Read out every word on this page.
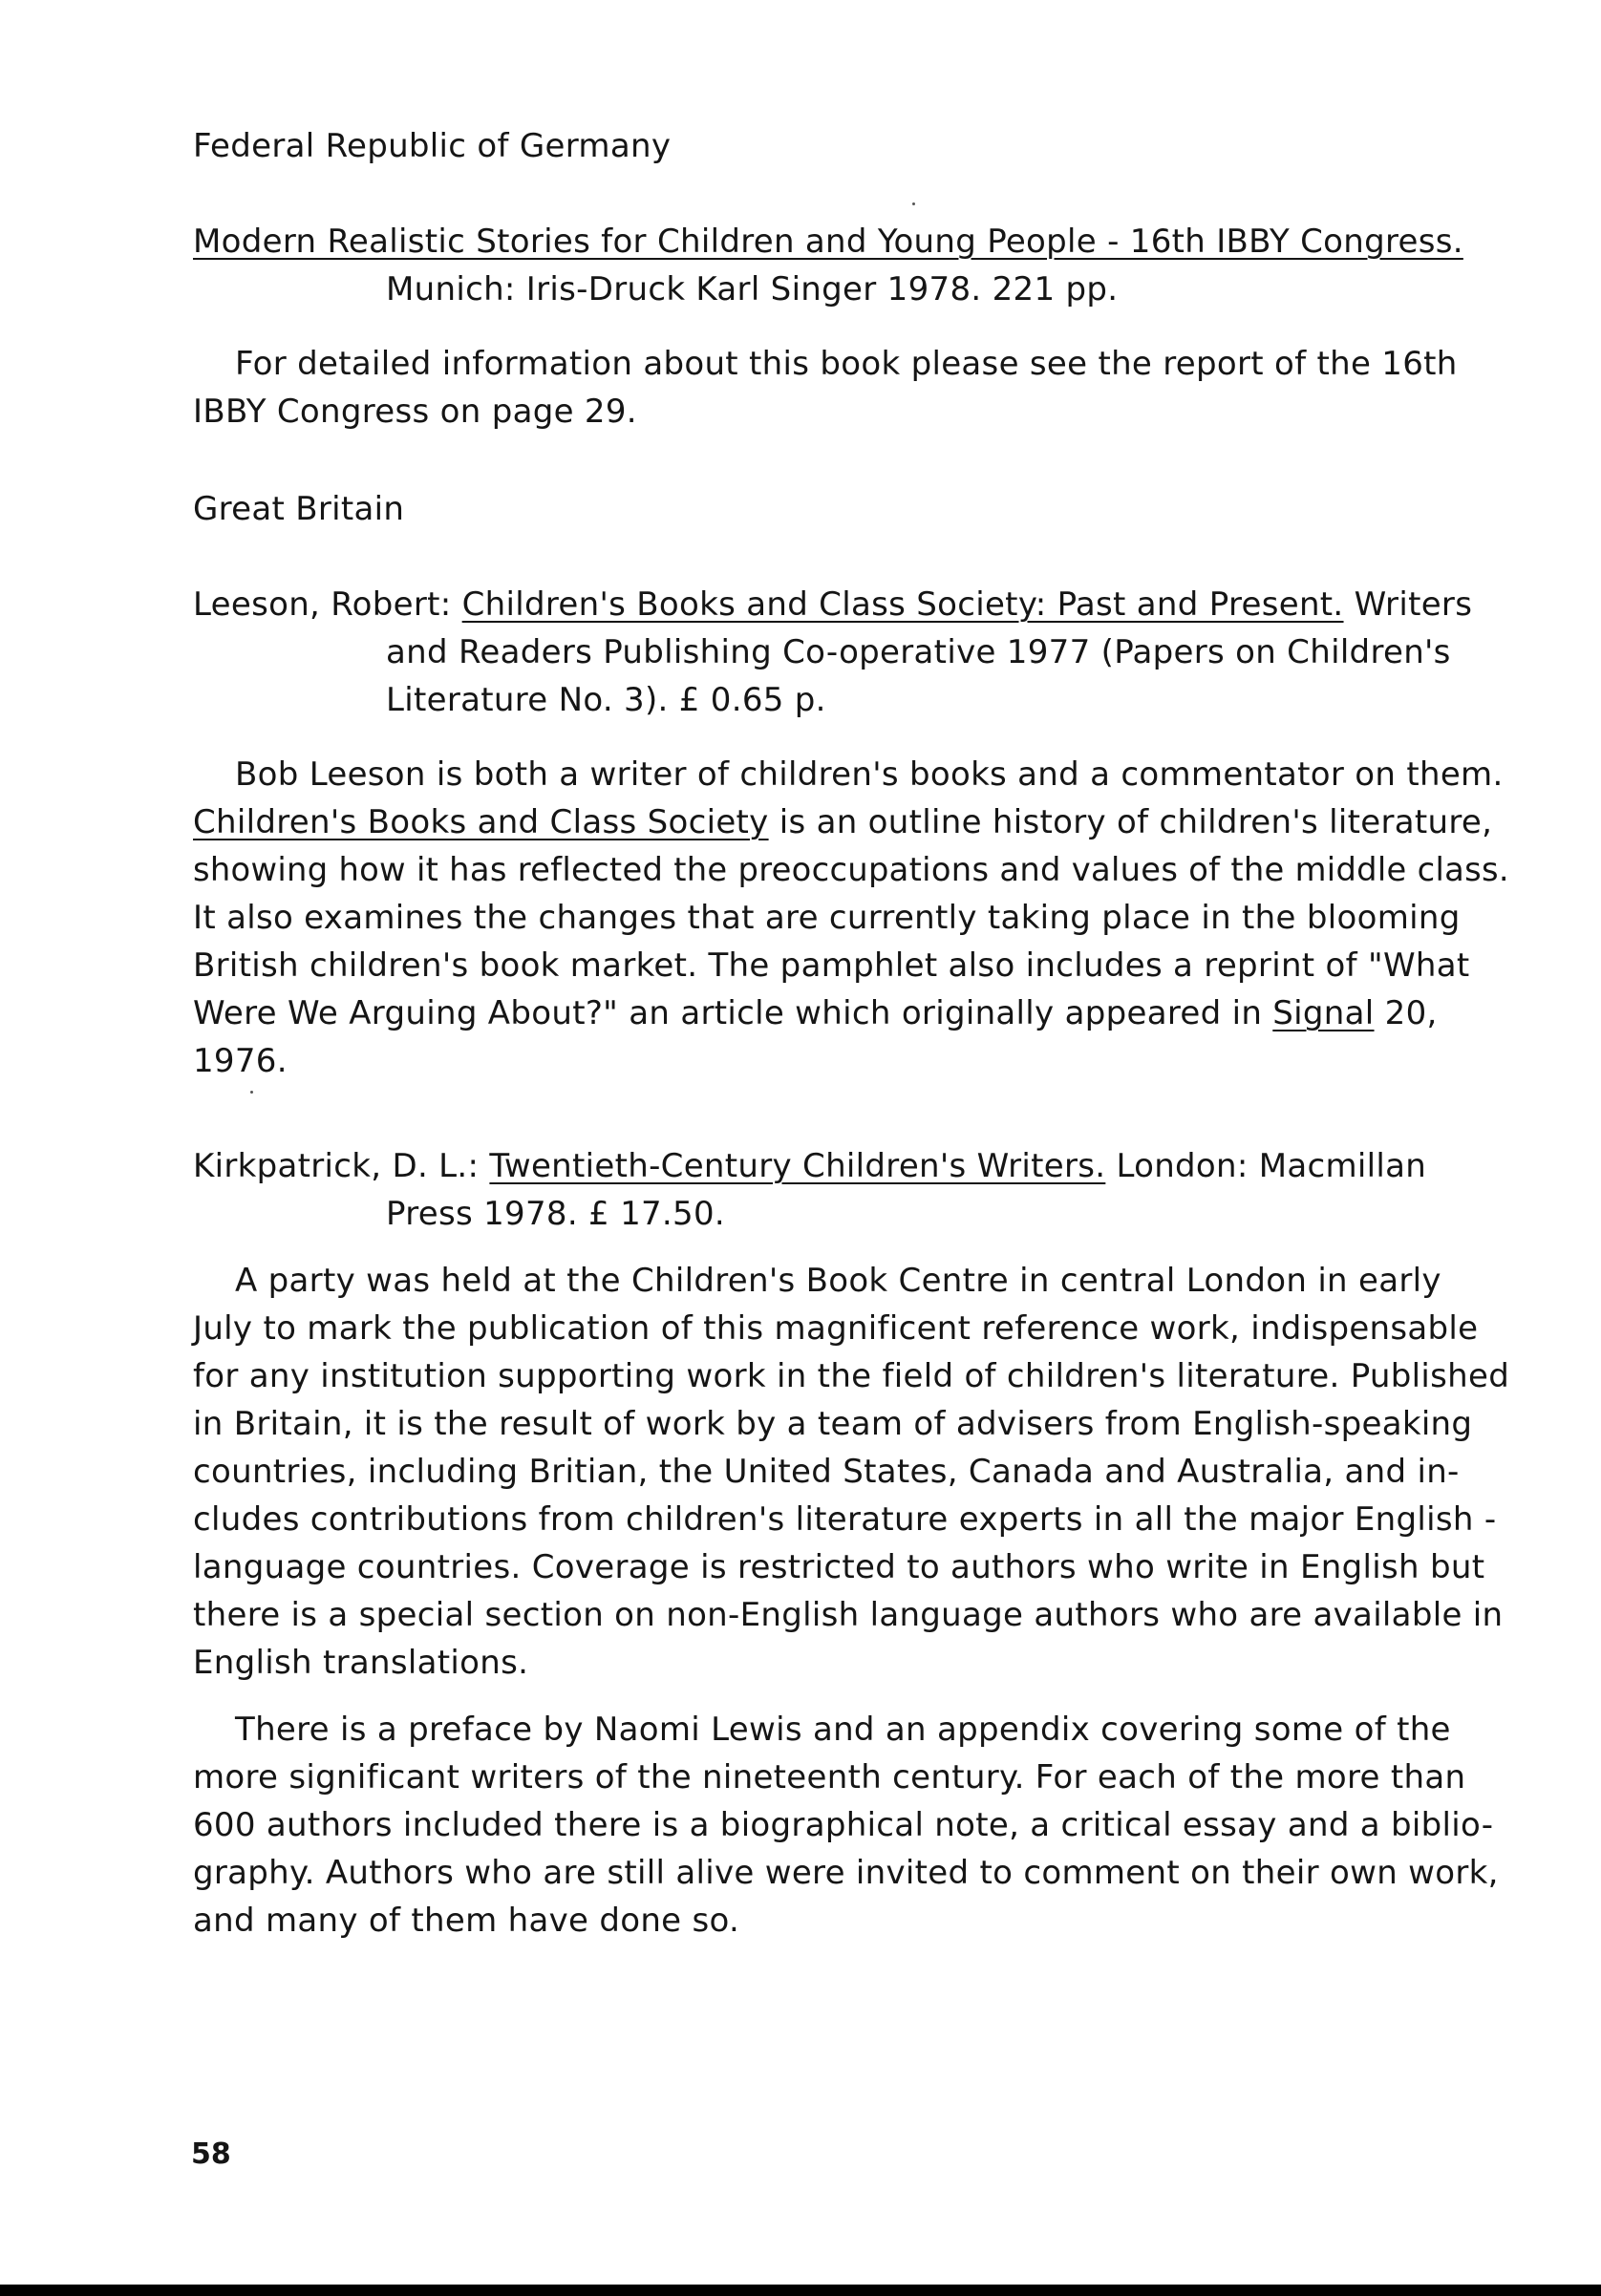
Federal Republic of Germany
Modern Realistic Stories for Children and Young People - 16th IBBY Congress.
Munich: Iris-Druck Karl Singer 1978. 221 pp.
For detailed information about this book please see the report of the 16th
IBBY Congress on page 29.
Great Britain
Leeson, Robert: Children's Books and Class Society: Past and Present. Writers
and Readers Publishing Co-operative 1977 (Papers on Children's
Literature No. 3). £ 0.65 p.
Bob Leeson is both a writer of children's books and a commentator on them.
Children's Books and Class Society is an outline history of children's literature,
showing how it has reflected the preoccupations and values of the middle class.
It also examines the changes that are currently taking place in the blooming
British children's book market. The pamphlet also includes a reprint of "What
Were We Arguing About?" an article which originally appeared in Signal 20,
1976.
Kirkpatrick, D. L.: Twentieth-Century Children's Writers. London: Macmillan
Press 1978. £ 17.50.
A party was held at the Children's Book Centre in central London in early
July to mark the publication of this magnificent reference work, indispensable
for any institution supporting work in the field of children's literature. Published
in Britain, it is the result of work by a team of advisers from English-speaking
countries, including Britian, the United States, Canada and Australia, and in-
cludes contributions from children's literature experts in all the major English -
language countries. Coverage is restricted to authors who write in English but
there is a special section on non-English language authors who are available in
English translations.
There is a preface by Naomi Lewis and an appendix covering some of the
more significant writers of the nineteenth century. For each of the more than
600 authors included there is a biographical note, a critical essay and a biblio-
graphy. Authors who are still alive were invited to comment on their own work,
and many of them have done so.
58
